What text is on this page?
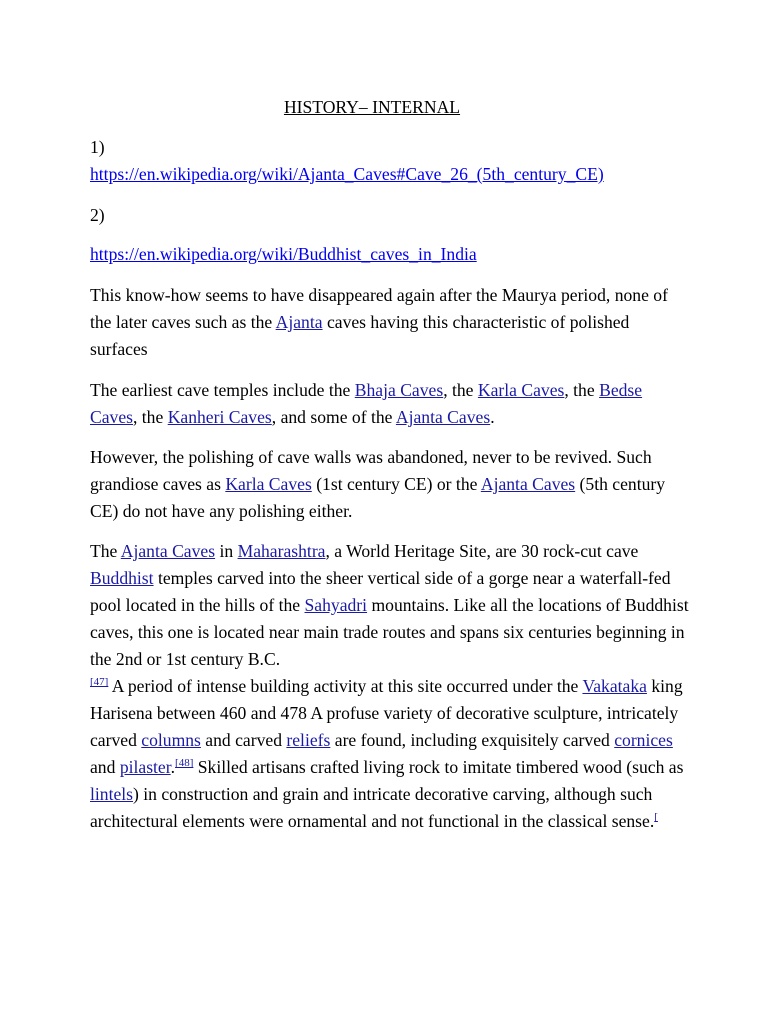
HISTORY– INTERNAL
1)
https://en.wikipedia.org/wiki/Ajanta_Caves#Cave_26_(5th_century_CE)
2)
https://en.wikipedia.org/wiki/Buddhist_caves_in_India

This know-how seems to have disappeared again after the Maurya period, none of the later caves such as the Ajanta caves having this characteristic of polished surfaces

The earliest cave temples include the Bhaja Caves, the Karla Caves, the Bedse Caves, the Kanheri Caves, and some of the Ajanta Caves.

However, the polishing of cave walls was abandoned, never to be revived. Such grandiose caves as Karla Caves (1st century CE) or the Ajanta Caves (5th century CE) do not have any polishing either.

The Ajanta Caves in Maharashtra, a World Heritage Site, are 30 rock-cut cave Buddhist temples carved into the sheer vertical side of a gorge near a waterfall-fed pool located in the hills of the Sahyadri mountains. Like all the locations of Buddhist caves, this one is located near main trade routes and spans six centuries beginning in the 2nd or 1st century B.C.
[47] A period of intense building activity at this site occurred under the Vakataka king Harisena between 460 and 478 A profuse variety of decorative sculpture, intricately carved columns and carved reliefs are found, including exquisitely carved cornices and pilaster.[48] Skilled artisans crafted living rock to imitate timbered wood (such as lintels) in construction and grain and intricate decorative carving, although such architectural elements were ornamental and not functional in the classical sense.[
